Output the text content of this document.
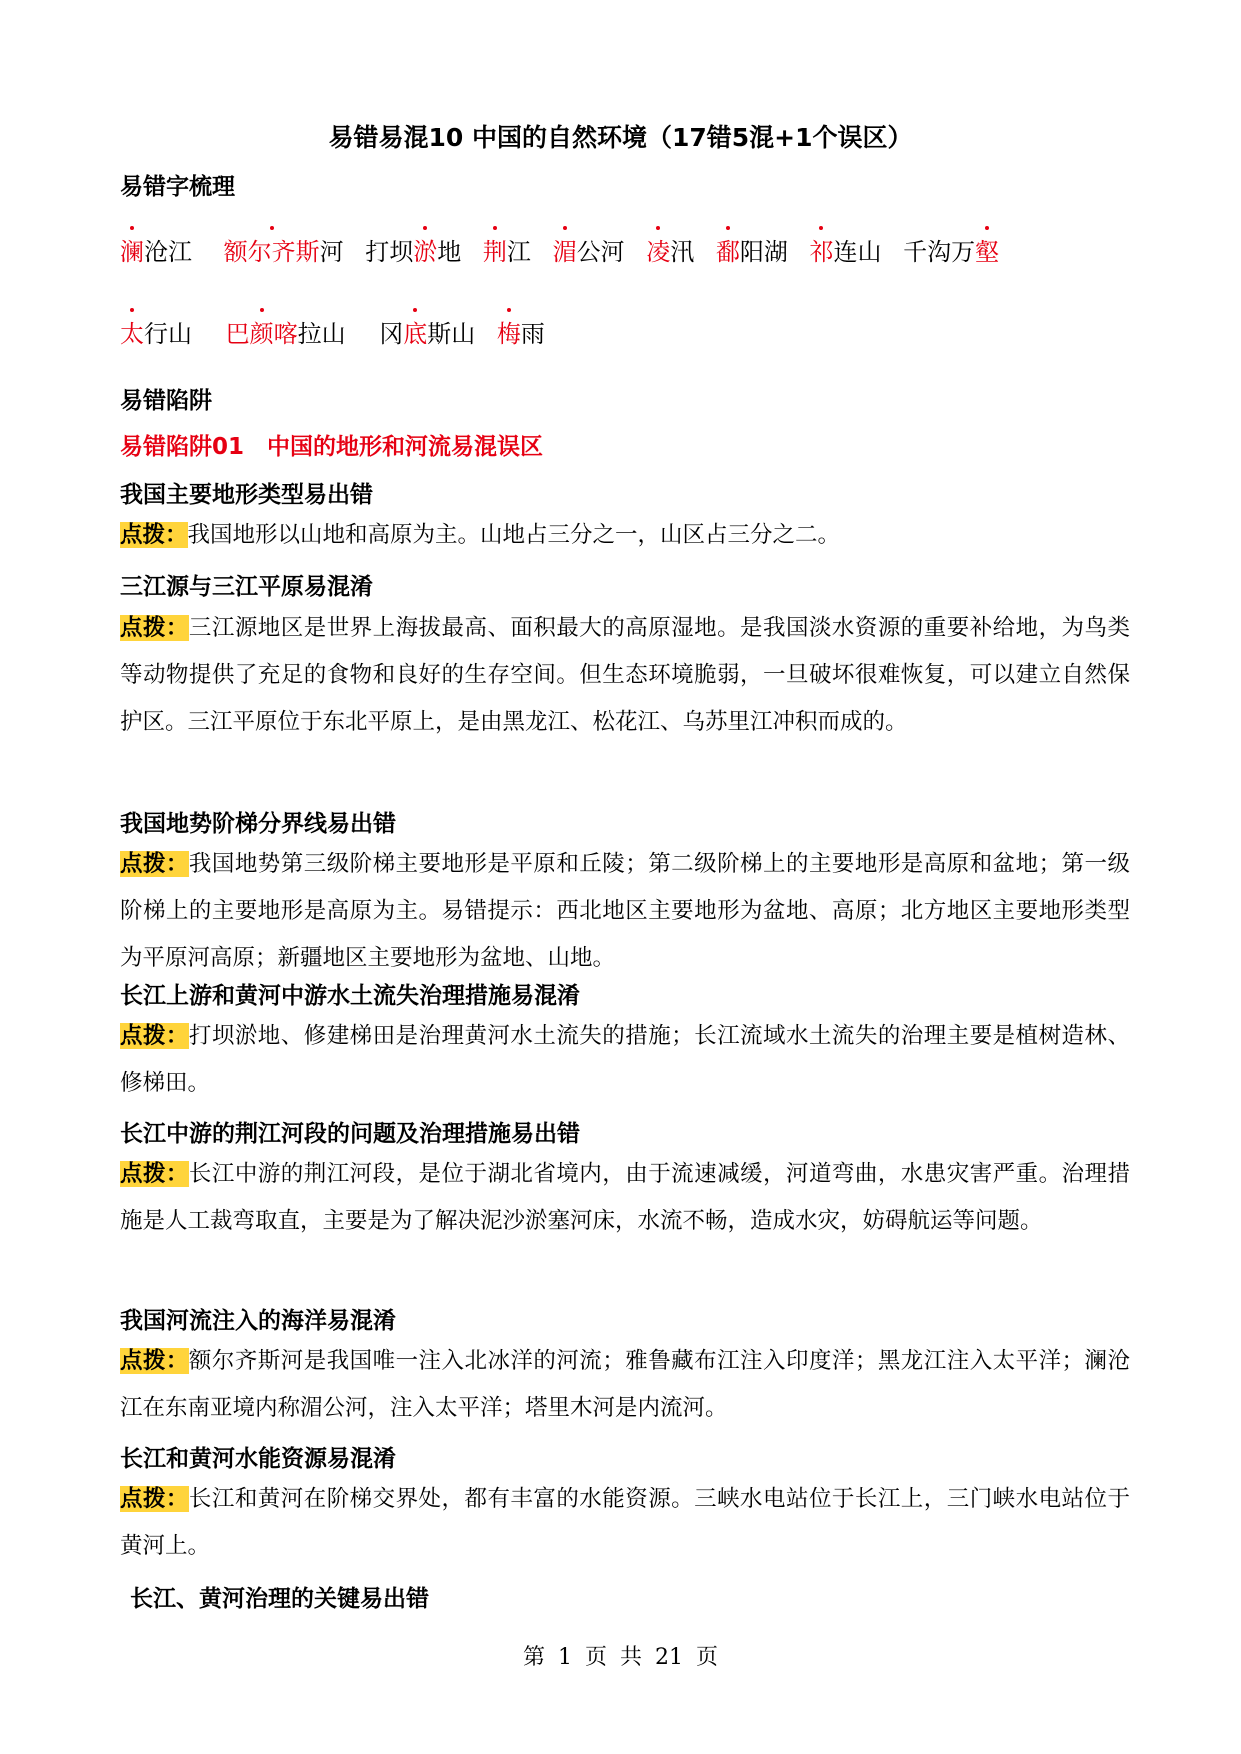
易错易混10 中国的自然环境（17错5混+1个误区）
易错字梳理
澜沧江 额尔齐斯河 打坝淤地 荆江 湄公河 凌汛 鄱阳湖 祁连山 千沟万壑
太行山 巴颜喀拉山 冈底斯山 梅雨
易错陷阱
易错陷阱01　中国的地形和河流易混误区
我国主要地形类型易出错
点拨：我国地形以山地和高原为主。山地占三分之一，山区占三分之二。
三江源与三江平原易混淆
点拨：三江源地区是世界上海拔最高、面积最大的高原湿地。是我国淡水资源的重要补给地，为鸟类等动物提供了充足的食物和良好的生存空间。但生态环境脆弱，一旦破坏很难恢复，可以建立自然保护区。三江平原位于东北平原上，是由黑龙江、松花江、乌苏里江冲积而成的。
我国地势阶梯分界线易出错
点拨：我国地势第三级阶梯主要地形是平原和丘陵；第二级阶梯上的主要地形是高原和盆地；第一级阶梯上的主要地形是高原为主。易错提示：西北地区主要地形为盆地、高原；北方地区主要地形类型为平原河高原；新疆地区主要地形为盆地、山地。
长江上游和黄河中游水土流失治理措施易混淆
点拨：打坝淤地、修建梯田是治理黄河水土流失的措施；长江流域水土流失的治理主要是植树造林、修梯田。
长江中游的荆江河段的问题及治理措施易出错
点拨：长江中游的荆江河段，是位于湖北省境内，由于流速减缓，河道弯曲，水患灾害严重。治理措施是人工裁弯取直，主要是为了解决泥沙淤塞河床，水流不畅，造成水灾，妨碍航运等问题。
我国河流注入的海洋易混淆
点拨：额尔齐斯河是我国唯一注入北冰洋的河流；雅鲁藏布江注入印度洋；黑龙江注入太平洋；澜沧江在东南亚境内称湄公河，注入太平洋；塔里木河是内流河。
长江和黄河水能资源易混淆
点拨：长江和黄河在阶梯交界处，都有丰富的水能资源。三峡水电站位于长江上，三门峡水电站位于黄河上。
长江、黄河治理的关键易出错
第 1 页 共 21 页
